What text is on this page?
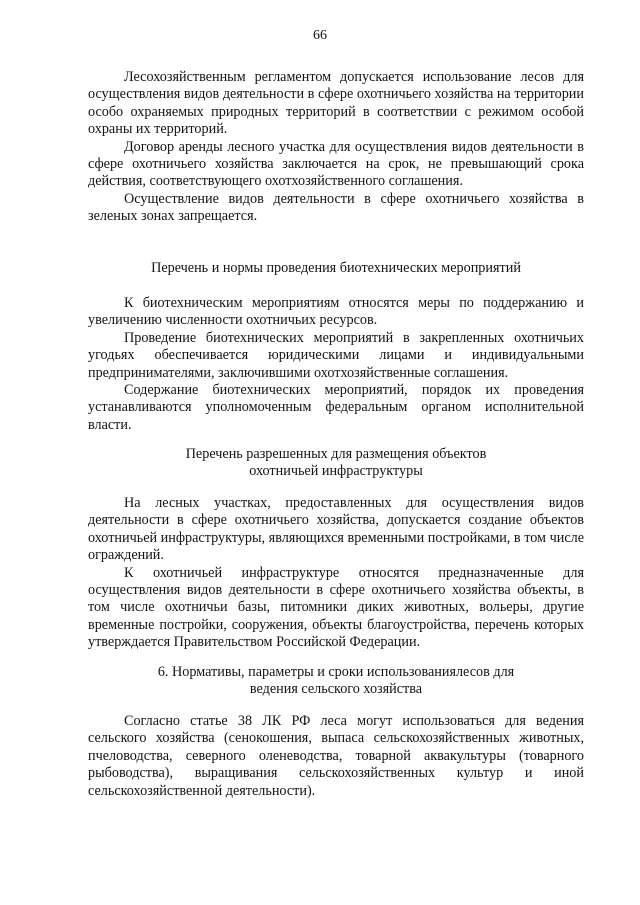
66

Лесохозяйственным регламентом допускается использование лесов для осуществления видов деятельности в сфере охотничьего хозяйства на территории особо охраняемых природных территорий в соответствии с режимом особой охраны их территорий.

Договор аренды лесного участка для осуществления видов деятельности в сфере охотничьего хозяйства заключается на срок, не превышающий срока действия, соответствующего охотхозяйственного соглашения.

Осуществление видов деятельности в сфере охотничьего хозяйства в зеленых зонах запрещается.

Перечень и нормы проведения биотехнических мероприятий

К биотехническим мероприятиям относятся меры по поддержанию и увеличению численности охотничьих ресурсов.

Проведение биотехнических мероприятий в закрепленных охотничьих угодьях обеспечивается юридическими лицами и индивидуальными предпринимателями, заключившими охотхозяйственные соглашения.

Содержание биотехнических мероприятий, порядок их проведения устанавливаются уполномоченным федеральным органом исполнительной власти.

Перечень разрешенных для размещения объектов
охотничьей инфраструктуры

На лесных участках, предоставленных для осуществления видов деятельности в сфере охотничьего хозяйства, допускается создание объектов охотничьей инфраструктуры, являющихся временными постройками, в том числе ограждений.

К охотничьей инфраструктуре относятся предназначенные для осуществления видов деятельности в сфере охотничьего хозяйства объекты, в том числе охотничьи базы, питомники диких животных, вольеры, другие временные постройки, сооружения, объекты благоустройства, перечень которых утверждается Правительством Российской Федерации.

6. Нормативы, параметры и сроки использованиялесов для
ведения сельского хозяйства

Согласно статье 38 ЛК РФ леса могут использоваться для ведения сельского хозяйства (сенокошения, выпаса сельскохозяйственных животных, пчеловодства, северного оленеводства, товарной аквакультуры (товарного рыбоводства), выращивания сельскохозяйственных культур и иной сельскохозяйственной деятельности).
